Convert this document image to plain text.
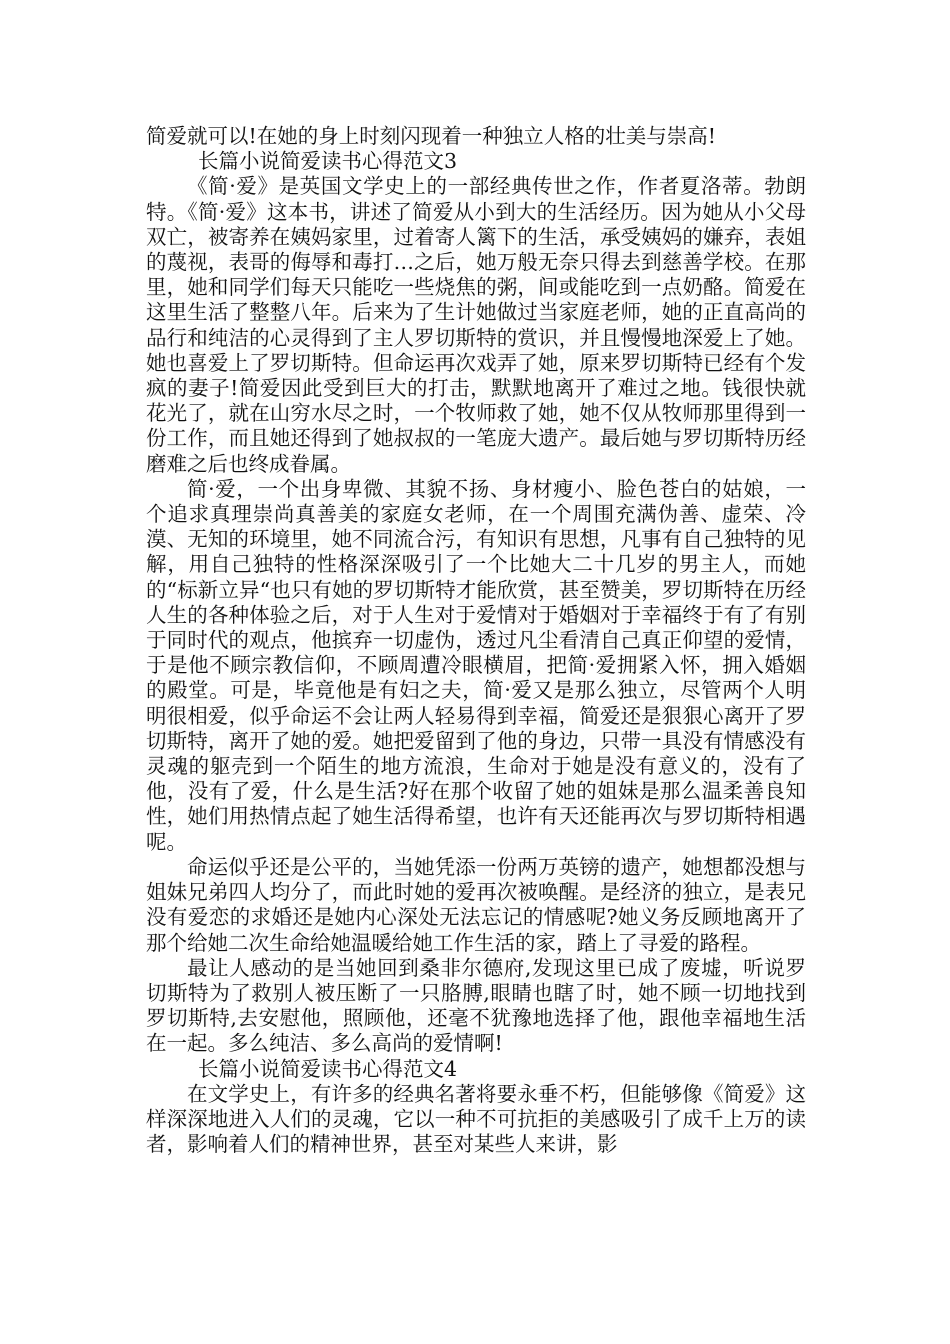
简爱就可以!在她的身上时刻闪现着一种独立人格的壮美与崇高!

长篇小说简爱读书心得范文3

《简·爱》是英国文学史上的一部经典传世之作，作者夏洛蒂。勃朗特。《简·爱》这本书，讲述了简爱从小到大的生活经历。因为她从小父母双亡，被寄养在姨妈家里，过着寄人篱下的生活，承受姨妈的嫌弃，表姐的蔑视，表哥的侮辱和毒打…之后，她万般无奈只得去到慈善学校。在那里，她和同学们每天只能吃一些烧焦的粥，间或能吃到一点奶酪。简爱在这里生活了整整八年。后来为了生计她做过当家庭老师，她的正直高尚的品行和纯洁的心灵得到了主人罗切斯特的赏识，并且慢慢地深爱上了她。她也喜爱上了罗切斯特。但命运再次戏弄了她，原来罗切斯特已经有个发疯的妻子!简爱因此受到巨大的打击，默默地离开了难过之地。钱很快就花光了，就在山穷水尽之时，一个牧师救了她，她不仅从牧师那里得到一份工作，而且她还得到了她叔叔的一笔庞大遗产。最后她与罗切斯特历经磨难之后也终成眷属。

简·爱，一个出身卑微、其貌不扬、身材瘦小、脸色苍白的姑娘，一个追求真理崇尚真善美的家庭女老师，在一个周围充满伪善、虚荣、冷漠、无知的环境里，她不同流合污，有知识有思想，凡事有自己独特的见解，用自己独特的性格深深吸引了一个比她大二十几岁的男主人，而她的“标新立异“也只有她的罗切斯特才能欣赏，甚至赞美，罗切斯特在历经人生的各种体验之后，对于人生对于爱情对于婚姻对于幸福终于有了有别于同时代的观点，他摈弃一切虚伪，透过凡尘看清自己真正仰望的爱情，于是他不顾宗教信仰，不顾周遭冷眼横眉，把简·爱拥紧入怀，拥入婚姻的殿堂。可是，毕竟他是有妇之夫，简·爱又是那么独立，尽管两个人明明很相爱，似乎命运不会让两人轻易得到幸福，简爱还是狠狠心离开了罗切斯特，离开了她的爱。她把爱留到了他的身边，只带一具没有情感没有灵魂的躯壳到一个陌生的地方流浪，生命对于她是没有意义的，没有了他，没有了爱，什么是生活?好在那个收留了她的姐妹是那么温柔善良知性，她们用热情点起了她生活得希望，也许有天还能再次与罗切斯特相遇呢。

命运似乎还是公平的，当她凭添一份两万英镑的遗产，她想都没想与姐妹兄弟四人均分了，而此时她的爱再次被唤醒。是经济的独立，是表兄没有爱恋的求婚还是她内心深处无法忘记的情感呢?她义务反顾地离开了那个给她二次生命给她温暖给她工作生活的家，踏上了寻爱的路程。

最让人感动的是当她回到桑非尔德府,发现这里已成了废墟，听说罗切斯特为了救别人被压断了一只胳膊,眼睛也瞎了时，她不顾一切地找到罗切斯特,去安慰他，照顾他，还毫不犹豫地选择了他，跟他幸福地生活在一起。多么纯洁、多么高尚的爱情啊!

长篇小说简爱读书心得范文4

在文学史上，有许多的经典名著将要永垂不朽，但能够像《简爱》这样深深地进入人们的灵魂，它以一种不可抗拒的美感吸引了成千上万的读者，影响着人们的精神世界，甚至对某些人来讲，影
